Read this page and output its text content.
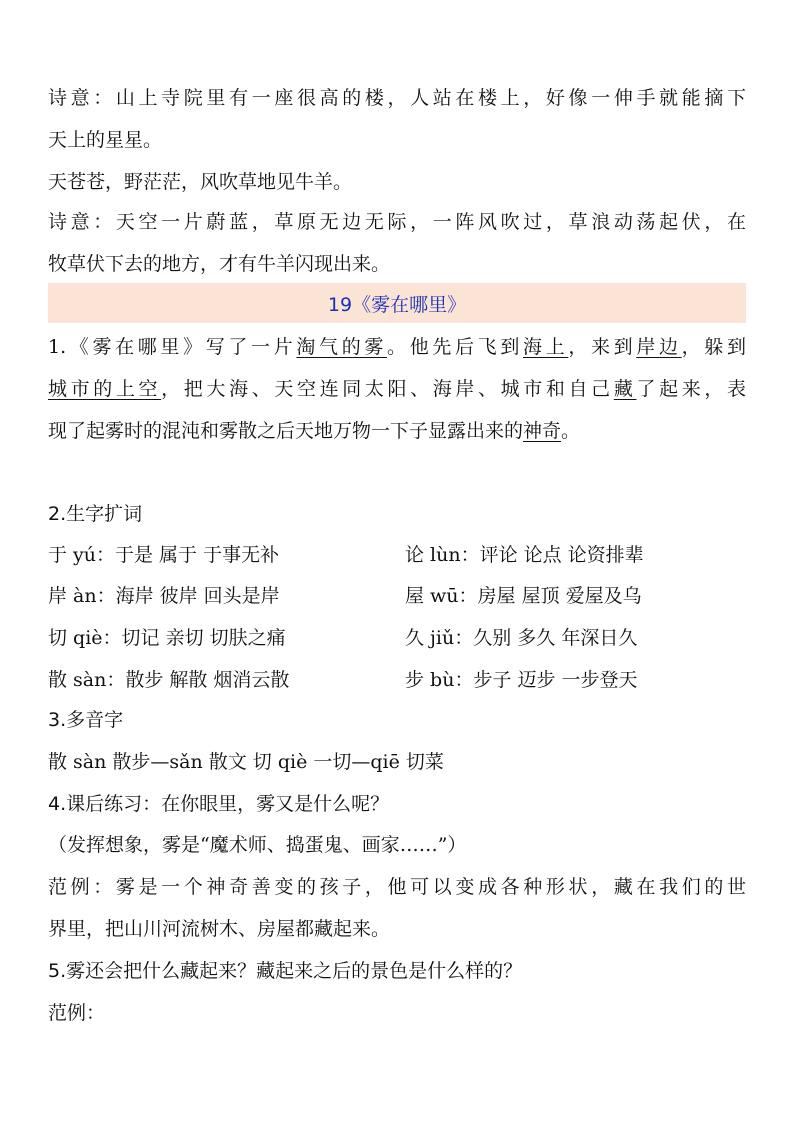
诗意：山上寺院里有一座很高的楼，人站在楼上，好像一伸手就能摘下
天上的星星。
天苍苍，野茫茫，风吹草地见牛羊。
诗意：天空一片蔚蓝，草原无边无际，一阵风吹过，草浪动荡起伏，在
牧草伏下去的地方，才有牛羊闪现出来。
19《雾在哪里》
1.《雾在哪里》写了一片淘气的雾。他先后飞到海上，来到岸边，躲到
城市的上空，把大海、天空连同太阳、海岸、城市和自己藏了起来，表
现了起雾时的混沌和雾散之后天地万物一下子显露出来的神奇。
2.生字扩词
于 yú：于是 属于 于事无补	论 lùn：评论 论点 论资排辈
岸 àn：海岸 彼岸 回头是岸	屋 wū：房屋 屋顶 爱屋及乌
切 qiè：切记 亲切 切肤之痛	久 jiǔ：久别 多久 年深日久
散 sàn：散步 解散 烟消云散	步 bù：步子 迈步 一步登天
3.多音字
散 sàn 散步—sǎn 散文 切 qiè 一切—qiē 切菜
4.课后练习：在你眼里，雾又是什么呢？
（发挥想象，雾是“魔术师、捣蛋鬼、画家……”）
范例：雾是一个神奇善变的孩子，他可以变成各种形状，藏在我们的世
界里，把山川河流树木、房屋都藏起来。
5.雾还会把什么藏起来？藏起来之后的景色是什么样的？
范例：
